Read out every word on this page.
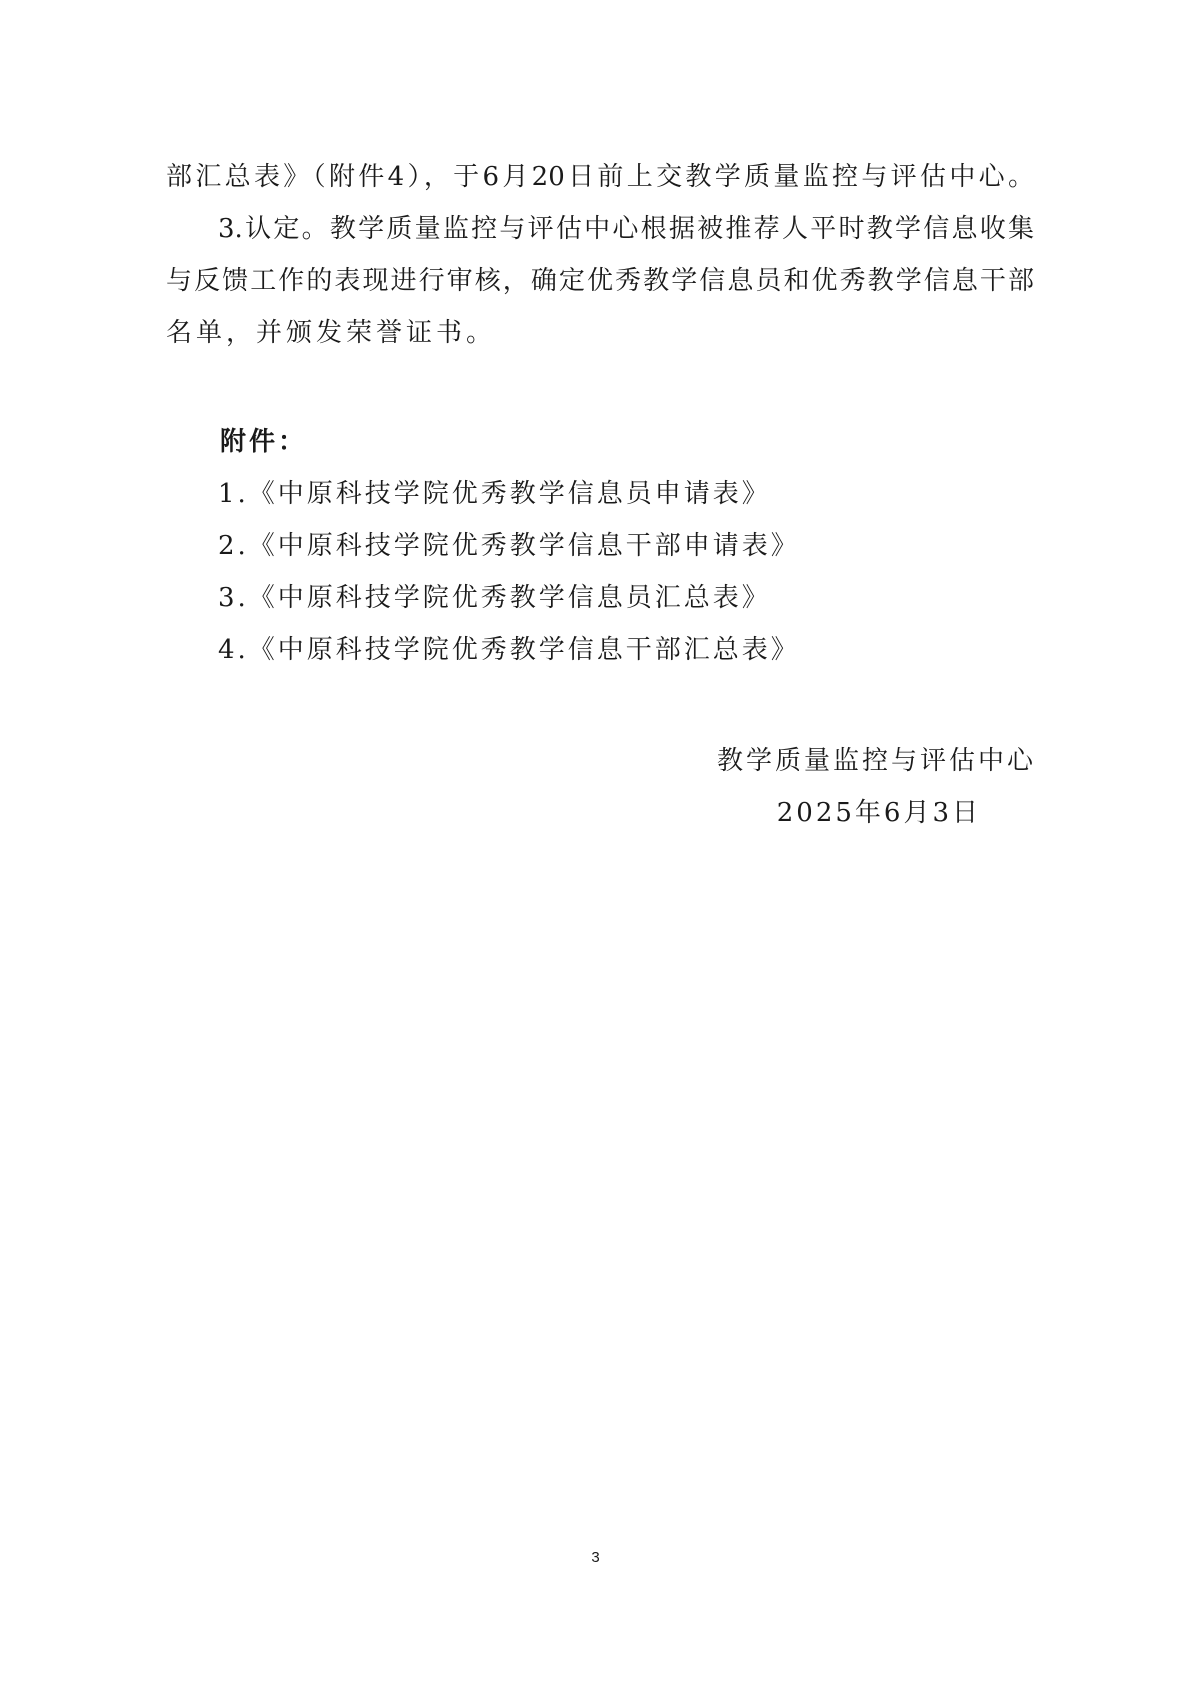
部汇总表》（附件4），于6月20日前上交教学质量监控与评估中心。
3.认定。教学质量监控与评估中心根据被推荐人平时教学信息收集
与反馈工作的表现进行审核，确定优秀教学信息员和优秀教学信息干部
名单，并颁发荣誉证书。
附件：
1.《中原科技学院优秀教学信息员申请表》
2.《中原科技学院优秀教学信息干部申请表》
3.《中原科技学院优秀教学信息员汇总表》
4.《中原科技学院优秀教学信息干部汇总表》
教学质量监控与评估中心
2025年6月3日
3
